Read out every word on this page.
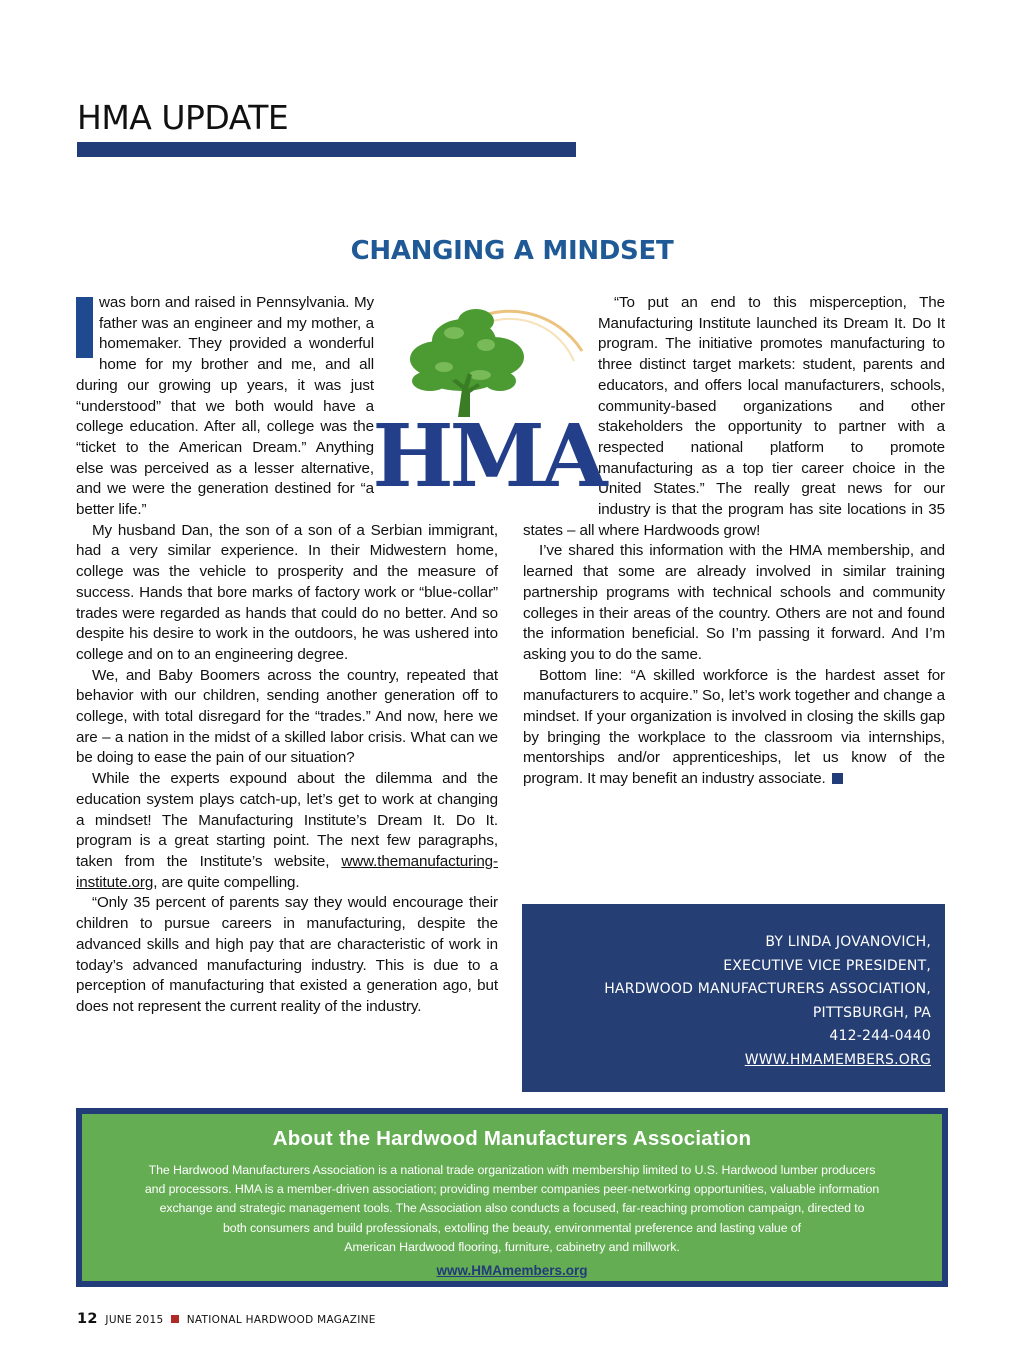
HMA UPDATE
CHANGING A MINDSET

was born and raised in Pennsylvania. My father was an engineer and my mother, a homemaker. They provided a wonderful home for my brother and me, and all during our growing up years, it was just “understood” that we both would have a college education. After all, college was the “ticket to the American Dream.” Anything else was perceived as a lesser alternative, and we were the generation destined for “a better life.”

My husband Dan, the son of a son of a Serbian immigrant, had a very similar experience. In their Midwestern home, college was the vehicle to prosperity and the measure of success. Hands that bore marks of factory work or “blue-collar” trades were regarded as hands that could do no better. And so despite his desire to work in the outdoors, he was ushered into college and on to an engineering degree.

We, and Baby Boomers across the country, repeated that behavior with our children, sending another generation off to college, with total disregard for the “trades.” And now, here we are – a nation in the midst of a skilled labor crisis. What can we be doing to ease the pain of our situation?

While the experts expound about the dilemma and the education system plays catch-up, let’s get to work at changing a mindset! The Manufacturing Institute’s Dream It. Do It. program is a great starting point. The next few paragraphs, taken from the Institute’s website, www.themanufacturing-institute.org, are quite compelling.

“Only 35 percent of parents say they would encourage their children to pursue careers in manufacturing, despite the advanced skills and high pay that are characteristic of work in today’s advanced manufacturing industry. This is due to a perception of manufacturing that existed a generation ago, but does not represent the current reality of the industry.

“To put an end to this misperception, The Manufacturing Institute launched its Dream It. Do It program. The initiative promotes manufacturing to three distinct target markets: student, parents and educators, and offers local manufacturers, schools, community-based organizations and other stakeholders the opportunity to partner with a respected national platform to promote manufacturing as a top tier career choice in the United States.” The really great news for our industry is that the program has site locations in 35 states – all where Hardwoods grow!

I’ve shared this information with the HMA membership, and learned that some are already involved in similar training partnership programs with technical schools and community colleges in their areas of the country. Others are not and found the information beneficial. So I’m passing it forward. And I’m asking you to do the same.

Bottom line: “A skilled workforce is the hardest asset for manufacturers to acquire.” So, let’s work together and change a mindset. If your organization is involved in closing the skills gap by bringing the workplace to the classroom via internships, mentorships and/or apprenticeships, let us know of the program. It may benefit an industry associate.

HMA
BY LINDA JOVANOVICH,
EXECUTIVE VICE PRESIDENT,
HARDWOOD MANUFACTURERS ASSOCIATION,
PITTSBURGH, PA
412-244-0440
WWW.HMAMEMBERS.ORG
About the Hardwood Manufacturers Association

The Hardwood Manufacturers Association is a national trade organization with membership limited to U.S. Hardwood lumber producers
and processors. HMA is a member-driven association; providing member companies peer-networking opportunities, valuable information
exchange and strategic management tools. The Association also conducts a focused, far-reaching promotion campaign, directed to
both consumers and build professionals, extolling the beauty, environmental preference and lasting value of
American Hardwood flooring, furniture, cabinetry and millwork.

www.HMAmembers.org
12 JUNE 2015 NATIONAL HARDWOOD MAGAZINE
